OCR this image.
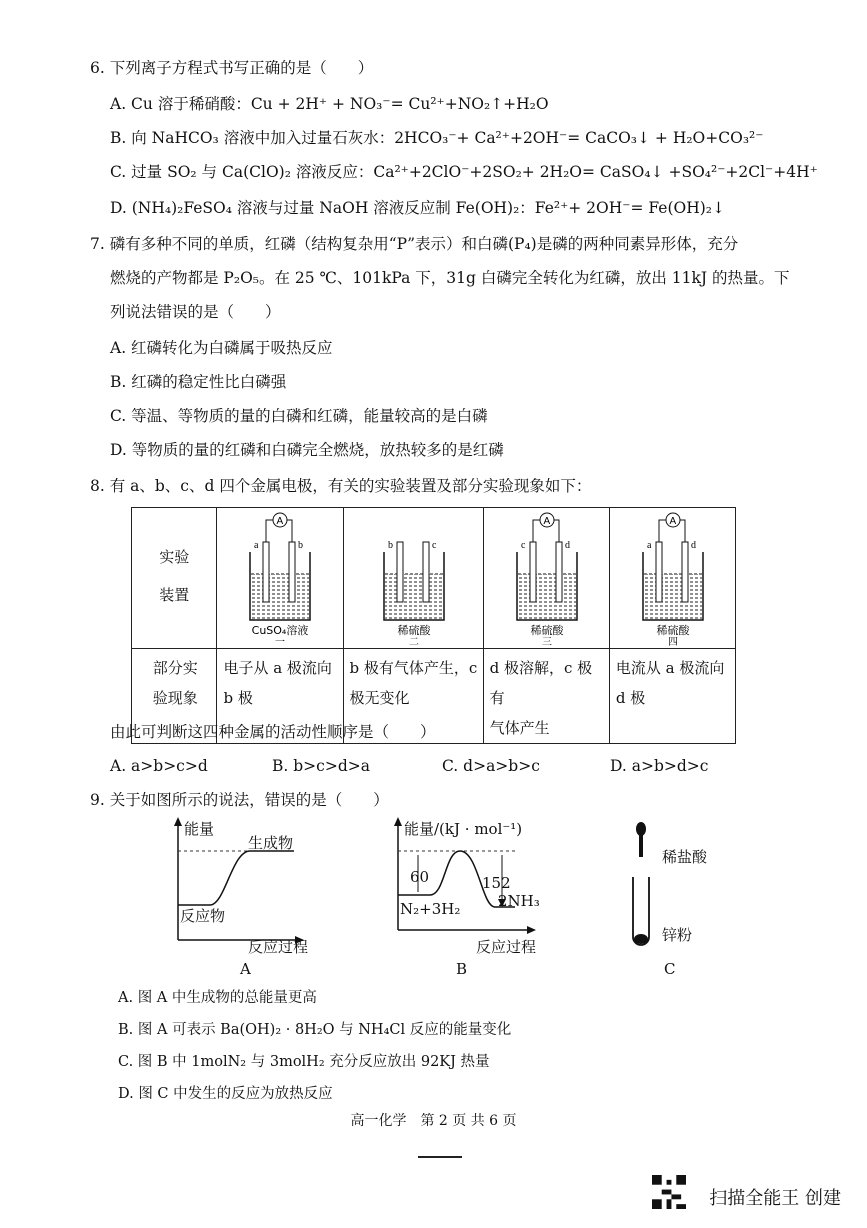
6. 下列离子方程式书写正确的是（　　）
A. Cu 溶于稀硝酸：Cu + 2H⁺ + NO₃⁻= Cu²⁺+NO₂↑+H₂O
B. 向 NaHCO₃ 溶液中加入过量石灰水：2HCO₃⁻+ Ca²⁺+2OH⁻= CaCO₃↓ + H₂O+CO₃²⁻
C. 过量 SO₂ 与 Ca(ClO)₂ 溶液反应：Ca²⁺+2ClO⁻+2SO₂+ 2H₂O= CaSO₄↓ +SO₄²⁻+2Cl⁻+4H⁺
D. (NH₄)₂FeSO₄ 溶液与过量 NaOH 溶液反应制 Fe(OH)₂：Fe²⁺+ 2OH⁻= Fe(OH)₂↓
7. 磷有多种不同的单质，红磷（结构复杂用“P”表示）和白磷(P₄)是磷的两种同素异形体，充分
燃烧的产物都是 P₂O₅。在 25 ℃、101kPa 下，31g 白磷完全转化为红磷，放出 11kJ 的热量。下
列说法错误的是（　　）
A. 红磷转化为白磷属于吸热反应
B. 红磷的稳定性比白磷强
C. 等温、等物质的量的白磷和红磷，能量较高的是白磷
D. 等物质的量的红磷和白磷完全燃烧，放热较多的是红磷
8. 有 a、b、c、d 四个金属电极，有关的实验装置及部分实验现象如下：
实验
装置	a b
A
CuSO₄溶液
一	b c
稀硫酸
二	c d
A
稀硫酸
三	a d
A
稀硫酸
四

部分实
验现象	电子从 a 极流向
b 极	b 极有气体产生，c
极无变化	d 极溶解，c 极有
气体产生	电流从 a 极流向
d 极
由此可判断这四种金属的活动性顺序是（　　）
A. a>b>c>d	B. b>c>d>a	C. d>a>b>c	D. a>b>d>c
9. 关于如图所示的说法，错误的是（　　）
能量
生成物
反应物
反应过程
A
能量/(kJ · mol⁻¹)
60	152
N₂+3H₂	2NH₃
反应过程
B
稀盐酸
锌粉
C
A. 图 A 中生成物的总能量更高
B. 图 A 可表示 Ba(OH)₂ · 8H₂O 与 NH₄Cl 反应的能量变化
C. 图 B 中 1molN₂ 与 3molH₂ 充分反应放出 92KJ 热量
D. 图 C 中发生的反应为放热反应
高一化学　第 2 页 共 6 页
扫描全能王 创建
